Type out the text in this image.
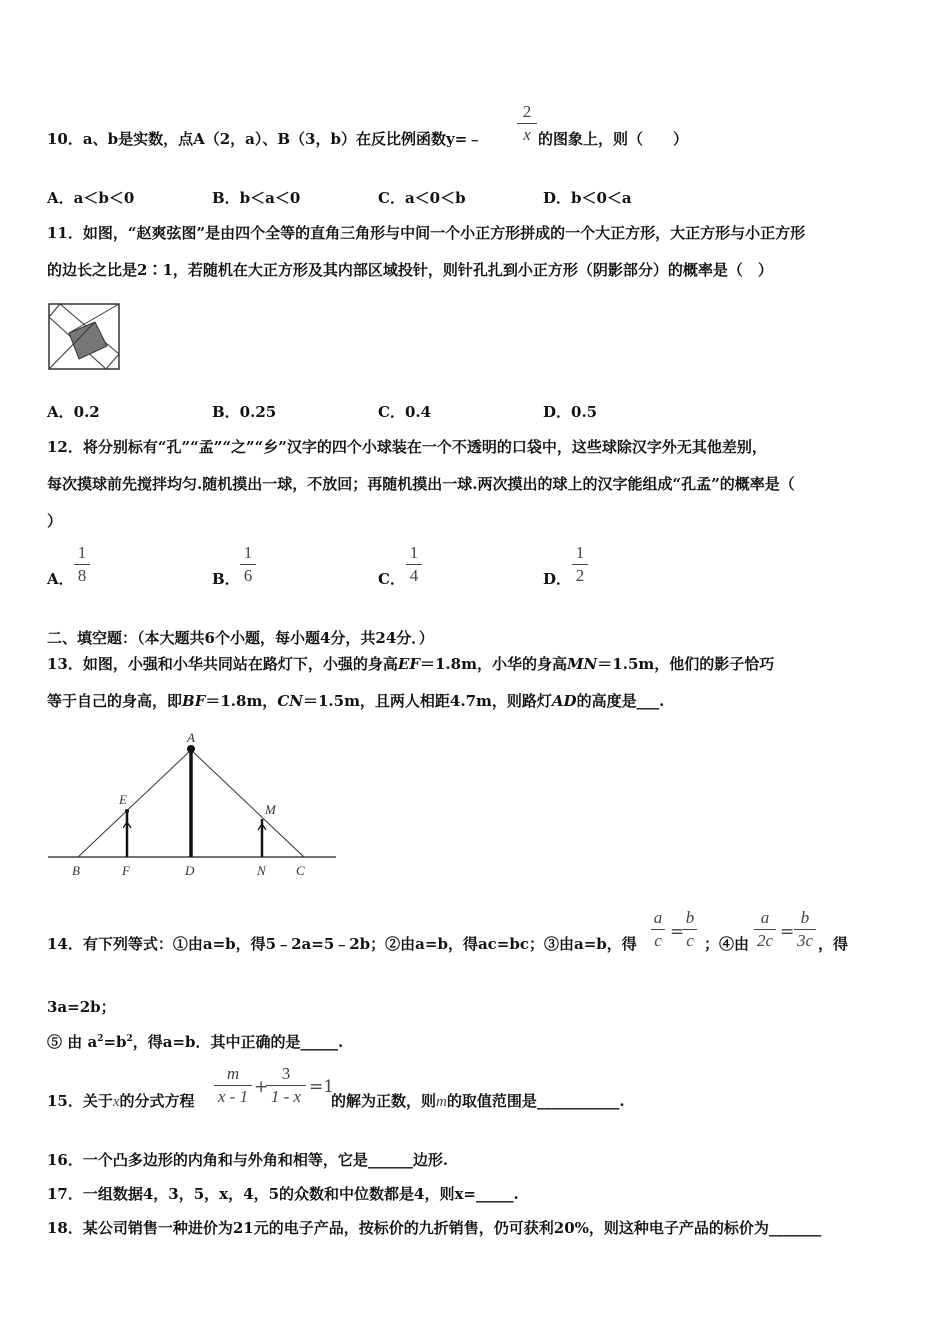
10．a、b是实数，点A（2，a）、B（3，b）在反比例函数y=﹣
2
x 的图象上，则（　　）
A．a＜b＜0	B．b＜a＜0	C．a＜0＜b	D．b＜0＜a
11．如图，“赵爽弦图”是由四个全等的直角三角形与中间一个小正方形拼成的一个大正方形，大正方形与小正方形
的边长之比是2∶1，若随机在大正方形及其内部区域投针，则针孔扎到小正方形（阴影部分）的概率是（　）
A．0.2	B．0.25	C．0.4	D．0.5
12．将分别标有“孔”“孟”“之”“乡”汉字的四个小球装在一个不透明的口袋中，这些球除汉字外无其他差别，
每次摸球前先搅拌均匀.随机摸出一球，不放回；再随机摸出一球.两次摸出的球上的汉字能组成“孔孟”的概率是（
）
A．
1
8	B．
1
6	C．
1
4	D．
1
2
二、填空题：（本大题共6个小题，每小题4分，共24分．）
13．如图，小强和小华共同站在路灯下，小强的身高EF＝1.8m，小华的身高MN＝1.5m，他们的影子恰巧
等于自己的身高，即BF＝1.8m，CN＝1.5m，且两人相距4.7m，则路灯AD的高度是___.
A
E
M
B	F	D	N C
14．有下列等式：①由a=b，得5﹣2a=5﹣2b；②由a=b，得ac=bc；③由a=b，得
a
c =
b
c ；④由
a
2c =
b
3c ，得
3a=2b；
⑤ 由 $a^2=b^2$，得a=b．其中正确的是_____.
15．关于x的分式方程
m
x - 1 +
3
1 - x =1
的解为正数，则m的取值范围是___________.
16．一个凸多边形的内角和与外角和相等，它是______边形.
17．一组数据4，3，5，x，4，5的众数和中位数都是4，则x=_____.
18．某公司销售一种进价为21元的电子产品，按标价的九折销售，仍可获利20%，则这种电子产品的标价为_______
